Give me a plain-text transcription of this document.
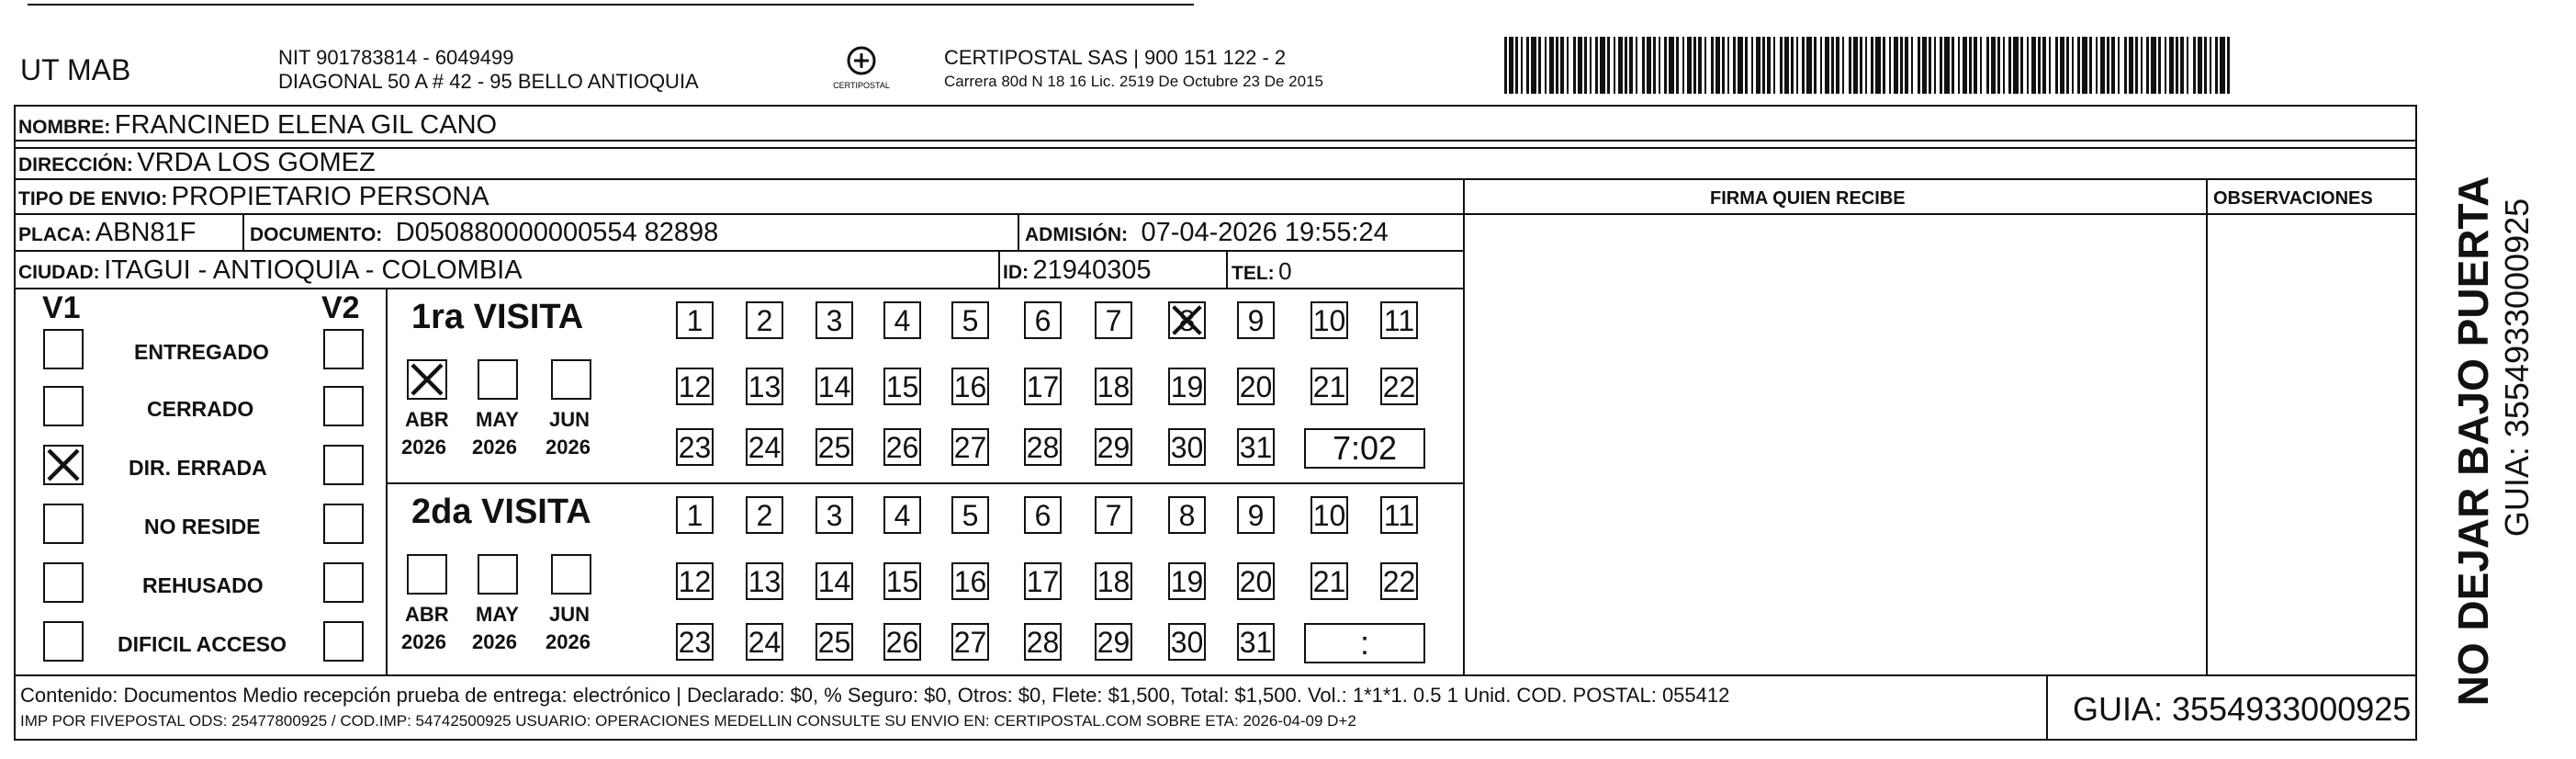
UT MAB	NIT 901783814 - 6049499
DIAGONAL 50 A # 42 - 95 BELLO ANTIOQUIA	CERTIPOSTAL
CERTIPOSTAL SAS | 900 151 122 - 2
Carrera 80d N 18 16 Lic. 2519 De Octubre 23 De 2015
NOMBRE: FRANCINED ELENA GIL CANO
DIRECCIÓN: VRDA LOS GOMEZ
TIPO DE ENVIO: PROPIETARIO PERSONA	FIRMA QUIEN RECIBE	OBSERVACIONES
PLACA: ABN81F	DOCUMENTO: D050880000000554 82898	ADMISIÓN: 07-04-2026 19:55:24
CIUDAD: ITAGUI - ANTIOQUIA - COLOMBIA	ID: 21940305	TEL: 0
V1	V2
ENTREGADO
CERRADO
DIR. ERRADA
NO RESIDE
REHUSADO
DIFICIL ACCESO
1ra VISITA
ABR
2026
MAY
2026
JUN
2026
1 2 3 4 5 6 7 8 9 10 11
12 13 14 15 16 17 18 19 20 21 22
23 24 25 26 27 28 29 30 31	7:02
2da VISITA
ABR
2026
MAY
2026
JUN
2026
1 2 3 4 5 6 7 8 9 10 11
12 13 14 15 16 17 18 19 20 21 22
23 24 25 26 27 28 29 30 31	:
Contenido: Documentos Medio recepción prueba de entrega: electrónico | Declarado: $0, % Seguro: $0, Otros: $0, Flete: $1,500, Total: $1,500. Vol.: 1*1*1. 0.5 1 Unid. COD. POSTAL: 055412
IMP POR FIVEPOSTAL ODS: 25477800925 / COD.IMP: 54742500925 USUARIO: OPERACIONES MEDELLIN CONSULTE SU ENVIO EN: CERTIPOSTAL.COM SOBRE ETA: 2026-04-09 D+2	GUIA: 3554933000925
NO DEJAR BAJO PUERTA GUIA: 3554933000925
